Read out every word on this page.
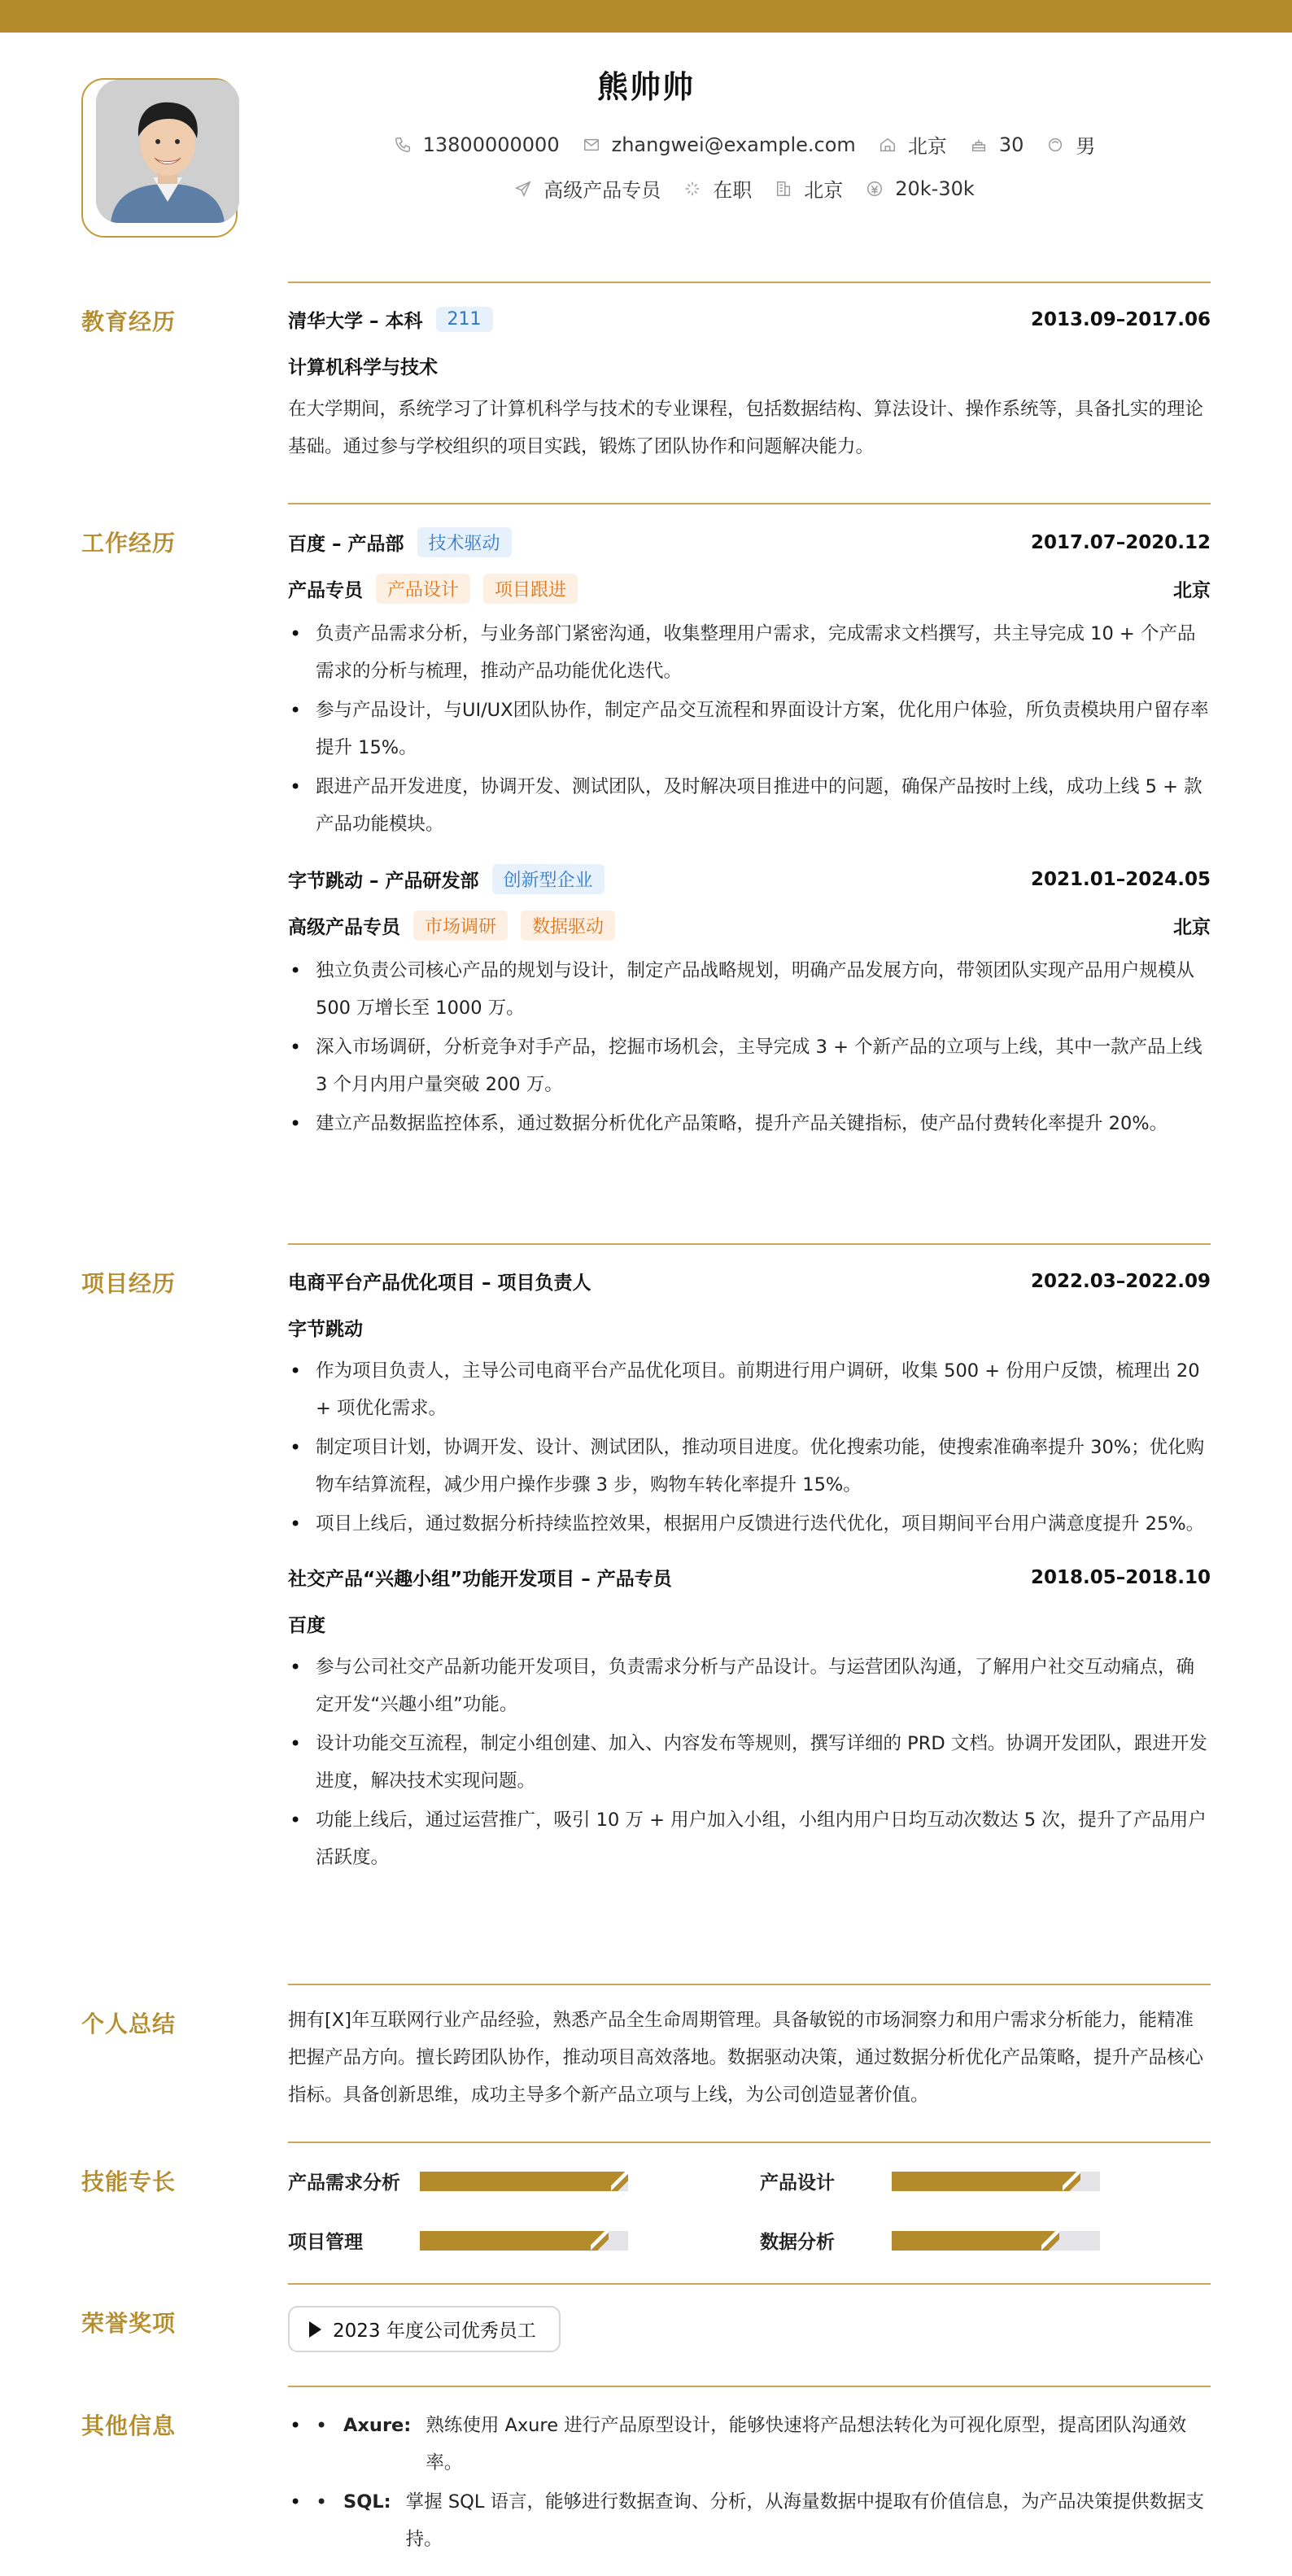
熊帅帅
13800000000	zhangwei@example.com	北京	30	男
高级产品专员	在职	北京	20k-30k
教育经历	清华大学 – 本科	211	2013.09–2017.06
计算机科学与技术
在大学期间，系统学习了计算机科学与技术的专业课程，包括数据结构、算法设计、操作系统等，具备扎实的理论基础。通过参与学校组织的项目实践，锻炼了团队协作和问题解决能力。
工作经历	百度 – 产品部	技术驱动	2017.07–2020.12
产品专员	产品设计	项目跟进	北京
• 负责产品需求分析，与业务部门紧密沟通，收集整理用户需求，完成需求文档撰写，共主导完成 10 + 个产品需求的分析与梳理，推动产品功能优化迭代。
• 参与产品设计，与UI/UX团队协作，制定产品交互流程和界面设计方案，优化用户体验，所负责模块用户留存率提升 15%。
• 跟进产品开发进度，协调开发、测试团队，及时解决项目推进中的问题，确保产品按时上线，成功上线 5 + 款产品功能模块。
字节跳动 – 产品研发部	创新型企业	2021.01–2024.05
高级产品专员	市场调研	数据驱动	北京
• 独立负责公司核心产品的规划与设计，制定产品战略规划，明确产品发展方向，带领团队实现产品用户规模从 500 万增长至 1000 万。
• 深入市场调研，分析竞争对手产品，挖掘市场机会，主导完成 3 + 个新产品的立项与上线，其中一款产品上线 3 个月内用户量突破 200 万。
• 建立产品数据监控体系，通过数据分析优化产品策略，提升产品关键指标，使产品付费转化率提升 20%。
项目经历	电商平台产品优化项目 – 项目负责人	2022.03–2022.09
字节跳动
• 作为项目负责人，主导公司电商平台产品优化项目。前期进行用户调研，收集 500 + 份用户反馈，梳理出 20 + 项优化需求。
• 制定项目计划，协调开发、设计、测试团队，推动项目进度。优化搜索功能，使搜索准确率提升 30%；优化购物车结算流程，减少用户操作步骤 3 步，购物车转化率提升 15%。
• 项目上线后，通过数据分析持续监控效果，根据用户反馈进行迭代优化，项目期间平台用户满意度提升 25%。
社交产品“兴趣小组”功能开发项目 – 产品专员	2018.05–2018.10
百度
• 参与公司社交产品新功能开发项目，负责需求分析与产品设计。与运营团队沟通，了解用户社交互动痛点，确定开发“兴趣小组”功能。
• 设计功能交互流程，制定小组创建、加入、内容发布等规则，撰写详细的 PRD 文档。协调开发团队，跟进开发进度，解决技术实现问题。
• 功能上线后，通过运营推广，吸引 10 万 + 用户加入小组，小组内用户日均互动次数达 5 次，提升了产品用户活跃度。
个人总结	拥有[X]年互联网行业产品经验，熟悉产品全生命周期管理。具备敏锐的市场洞察力和用户需求分析能力，能精准把握产品方向。擅长跨团队协作，推动项目高效落地。数据驱动决策，通过数据分析优化产品策略，提升产品核心指标。具备创新思维，成功主导多个新产品立项与上线，为公司创造显著价值。
技能专长	产品需求分析	产品设计
项目管理	数据分析
荣誉奖项	2023 年度公司优秀员工
其他信息
•	• Axure: 熟练使用 Axure 进行产品原型设计，能够快速将产品想法转化为可视化原型，提高团队沟通效率。
• • SQL: 掌握 SQL 语言，能够进行数据查询、分析，从海量数据中提取有价值信息，为产品决策提供数据支持。
